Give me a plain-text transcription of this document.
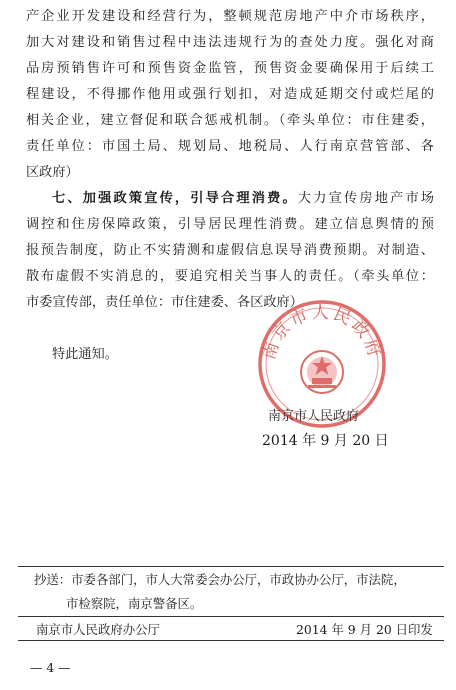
产企业开发建设和经营行为，整顿规范房地产中介市场秩序，
加大对建设和销售过程中违法违规行为的查处力度。强化对商
品房预销售许可和预售资金监管，预售资金要确保用于后续工
程建设，不得挪作他用或强行划扣，对造成延期交付或烂尾的
相关企业，建立督促和联合惩戒机制。（牵头单位：市住建委，
责任单位：市国土局、规划局、地税局、人行南京营管部、各
区政府）
七、加强政策宣传，引导合理消费。大力宣传房地产市场
调控和住房保障政策，引导居民理性消费。建立信息舆情的预
报预告制度，防止不实猜测和虚假信息误导消费预期。对制造、
散布虚假不实消息的，要追究相关当事人的责任。（牵头单位：
市委宣传部，责任单位：市住建委、各区政府）
特此通知。	南京市人民政府
南京市人民政府
2014 年 9 月 20 日
抄送：市委各部门，市人大常委会办公厅，市政协办公厅，市法院，
市检察院，南京警备区。
南京市人民政府办公厅	2014 年 9 月 20 日印发
— 4 —
